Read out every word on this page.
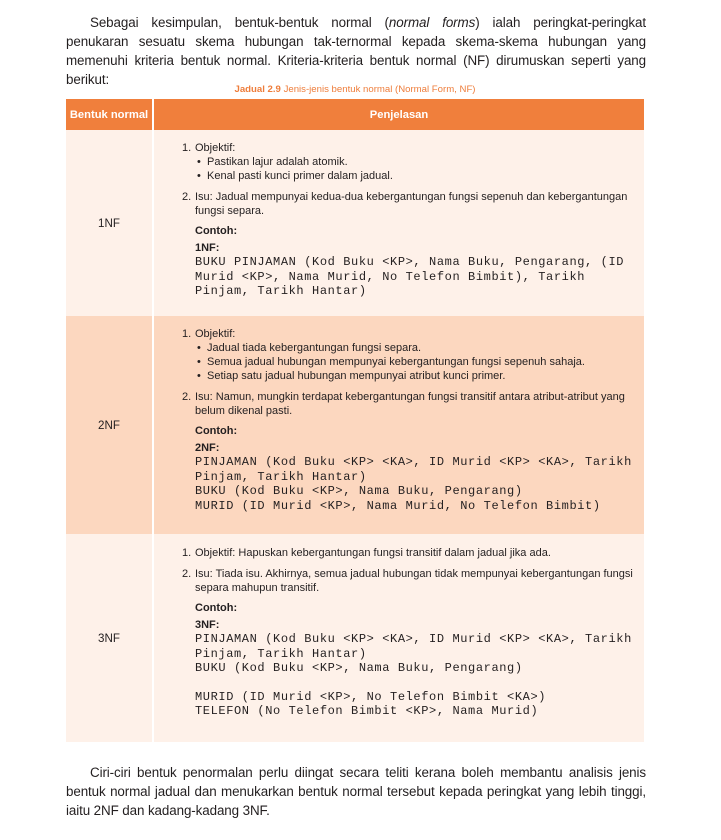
Sebagai kesimpulan, bentuk-bentuk normal (normal forms) ialah peringkat-peringkat penukaran sesuatu skema hubungan tak-ternormal kepada skema-skema hubungan yang memenuhi kriteria bentuk normal. Kriteria-kriteria bentuk normal (NF) dirumuskan seperti yang berikut:

Jadual 2.9 Jenis-jenis bentuk normal (Normal Form, NF)
Bentuk normal	Penjelasan
1NF
1. Objektif:
• Pastikan lajur adalah atomik.
• Kenal pasti kunci primer dalam jadual.
2. Isu: Jadual mempunyai kedua-dua kebergantungan fungsi sepenuh dan kebergantungan fungsi separa.
Contoh:
1NF:
BUKU PINJAMAN (Kod Buku <KP>, Nama Buku, Pengarang, (ID Murid <KP>, Nama Murid, No Telefon Bimbit), Tarikh Pinjam, Tarikh Hantar)
2NF
1. Objektif:
• Jadual tiada kebergantungan fungsi separa.
• Semua jadual hubungan mempunyai kebergantungan fungsi sepenuh sahaja.
• Setiap satu jadual hubungan mempunyai atribut kunci primer.
2. Isu: Namun, mungkin terdapat kebergantungan fungsi transitif antara atribut-atribut yang belum dikenal pasti.
Contoh:
2NF:
PINJAMAN (Kod Buku <KP> <KA>, ID Murid <KP> <KA>, Tarikh Pinjam, Tarikh Hantar)
BUKU (Kod Buku <KP>, Nama Buku, Pengarang)
MURID (ID Murid <KP>, Nama Murid, No Telefon Bimbit)
3NF
1. Objektif: Hapuskan kebergantungan fungsi transitif dalam jadual jika ada.
2. Isu: Tiada isu. Akhirnya, semua jadual hubungan tidak mempunyai kebergantungan fungsi separa mahupun transitif.
Contoh:
3NF:
PINJAMAN (Kod Buku <KP> <KA>, ID Murid <KP> <KA>, Tarikh Pinjam, Tarikh Hantar)
BUKU (Kod Buku <KP>, Nama Buku, Pengarang)
MURID (ID Murid <KP>, No Telefon Bimbit <KA>)
TELEFON (No Telefon Bimbit <KP>, Nama Murid)

Ciri-ciri bentuk penormalan perlu diingat secara teliti kerana boleh membantu analisis jenis bentuk normal jadual dan menukarkan bentuk normal tersebut kepada peringkat yang lebih tinggi, iaitu 2NF dan kadang-kadang 3NF.
